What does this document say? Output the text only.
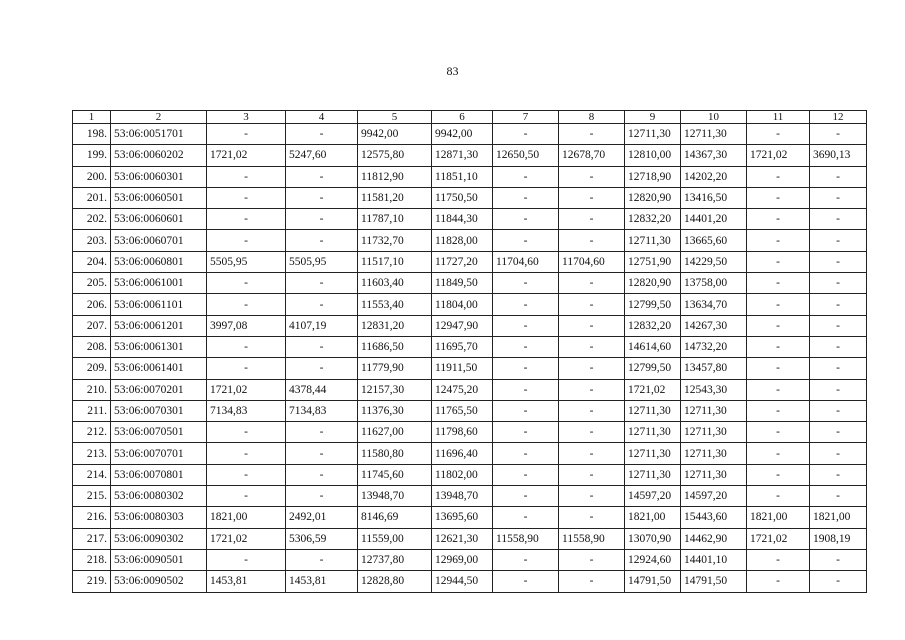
83
1	2	3	4	5	6	7	8	9	10	11	12
198.	53:06:0051701	-	-	9942,00	9942,00	-	-	12711,30	12711,30	-	-
199.	53:06:0060202	1721,02	5247,60	12575,80	12871,30	12650,50	12678,70	12810,00	14367,30	1721,02	3690,13
200.	53:06:0060301	-	-	11812,90	11851,10	-	-	12718,90	14202,20	-	-
201.	53:06:0060501	-	-	11581,20	11750,50	-	-	12820,90	13416,50	-	-
202.	53:06:0060601	-	-	11787,10	11844,30	-	-	12832,20	14401,20	-	-
203.	53:06:0060701	-	-	11732,70	11828,00	-	-	12711,30	13665,60	-	-
204.	53:06:0060801	5505,95	5505,95	11517,10	11727,20	11704,60	11704,60	12751,90	14229,50	-	-
205.	53:06:0061001	-	-	11603,40	11849,50	-	-	12820,90	13758,00	-	-
206.	53:06:0061101	-	-	11553,40	11804,00	-	-	12799,50	13634,70	-	-
207.	53:06:0061201	3997,08	4107,19	12831,20	12947,90	-	-	12832,20	14267,30	-	-
208.	53:06:0061301	-	-	11686,50	11695,70	-	-	14614,60	14732,20	-	-
209.	53:06:0061401	-	-	11779,90	11911,50	-	-	12799,50	13457,80	-	-
210.	53:06:0070201	1721,02	4378,44	12157,30	12475,20	-	-	1721,02	12543,30	-	-
211.	53:06:0070301	7134,83	7134,83	11376,30	11765,50	-	-	12711,30	12711,30	-	-
212.	53:06:0070501	-	-	11627,00	11798,60	-	-	12711,30	12711,30	-	-
213.	53:06:0070701	-	-	11580,80	11696,40	-	-	12711,30	12711,30	-	-
214.	53:06:0070801	-	-	11745,60	11802,00	-	-	12711,30	12711,30	-	-
215.	53:06:0080302	-	-	13948,70	13948,70	-	-	14597,20	14597,20	-	-
216.	53:06:0080303	1821,00	2492,01	8146,69	13695,60	-	-	1821,00	15443,60	1821,00	1821,00
217.	53:06:0090302	1721,02	5306,59	11559,00	12621,30	11558,90	11558,90	13070,90	14462,90	1721,02	1908,19
218.	53:06:0090501	-	-	12737,80	12969,00	-	-	12924,60	14401,10	-	-
219.	53:06:0090502	1453,81	1453,81	12828,80	12944,50	-	-	14791,50	14791,50	-	-
